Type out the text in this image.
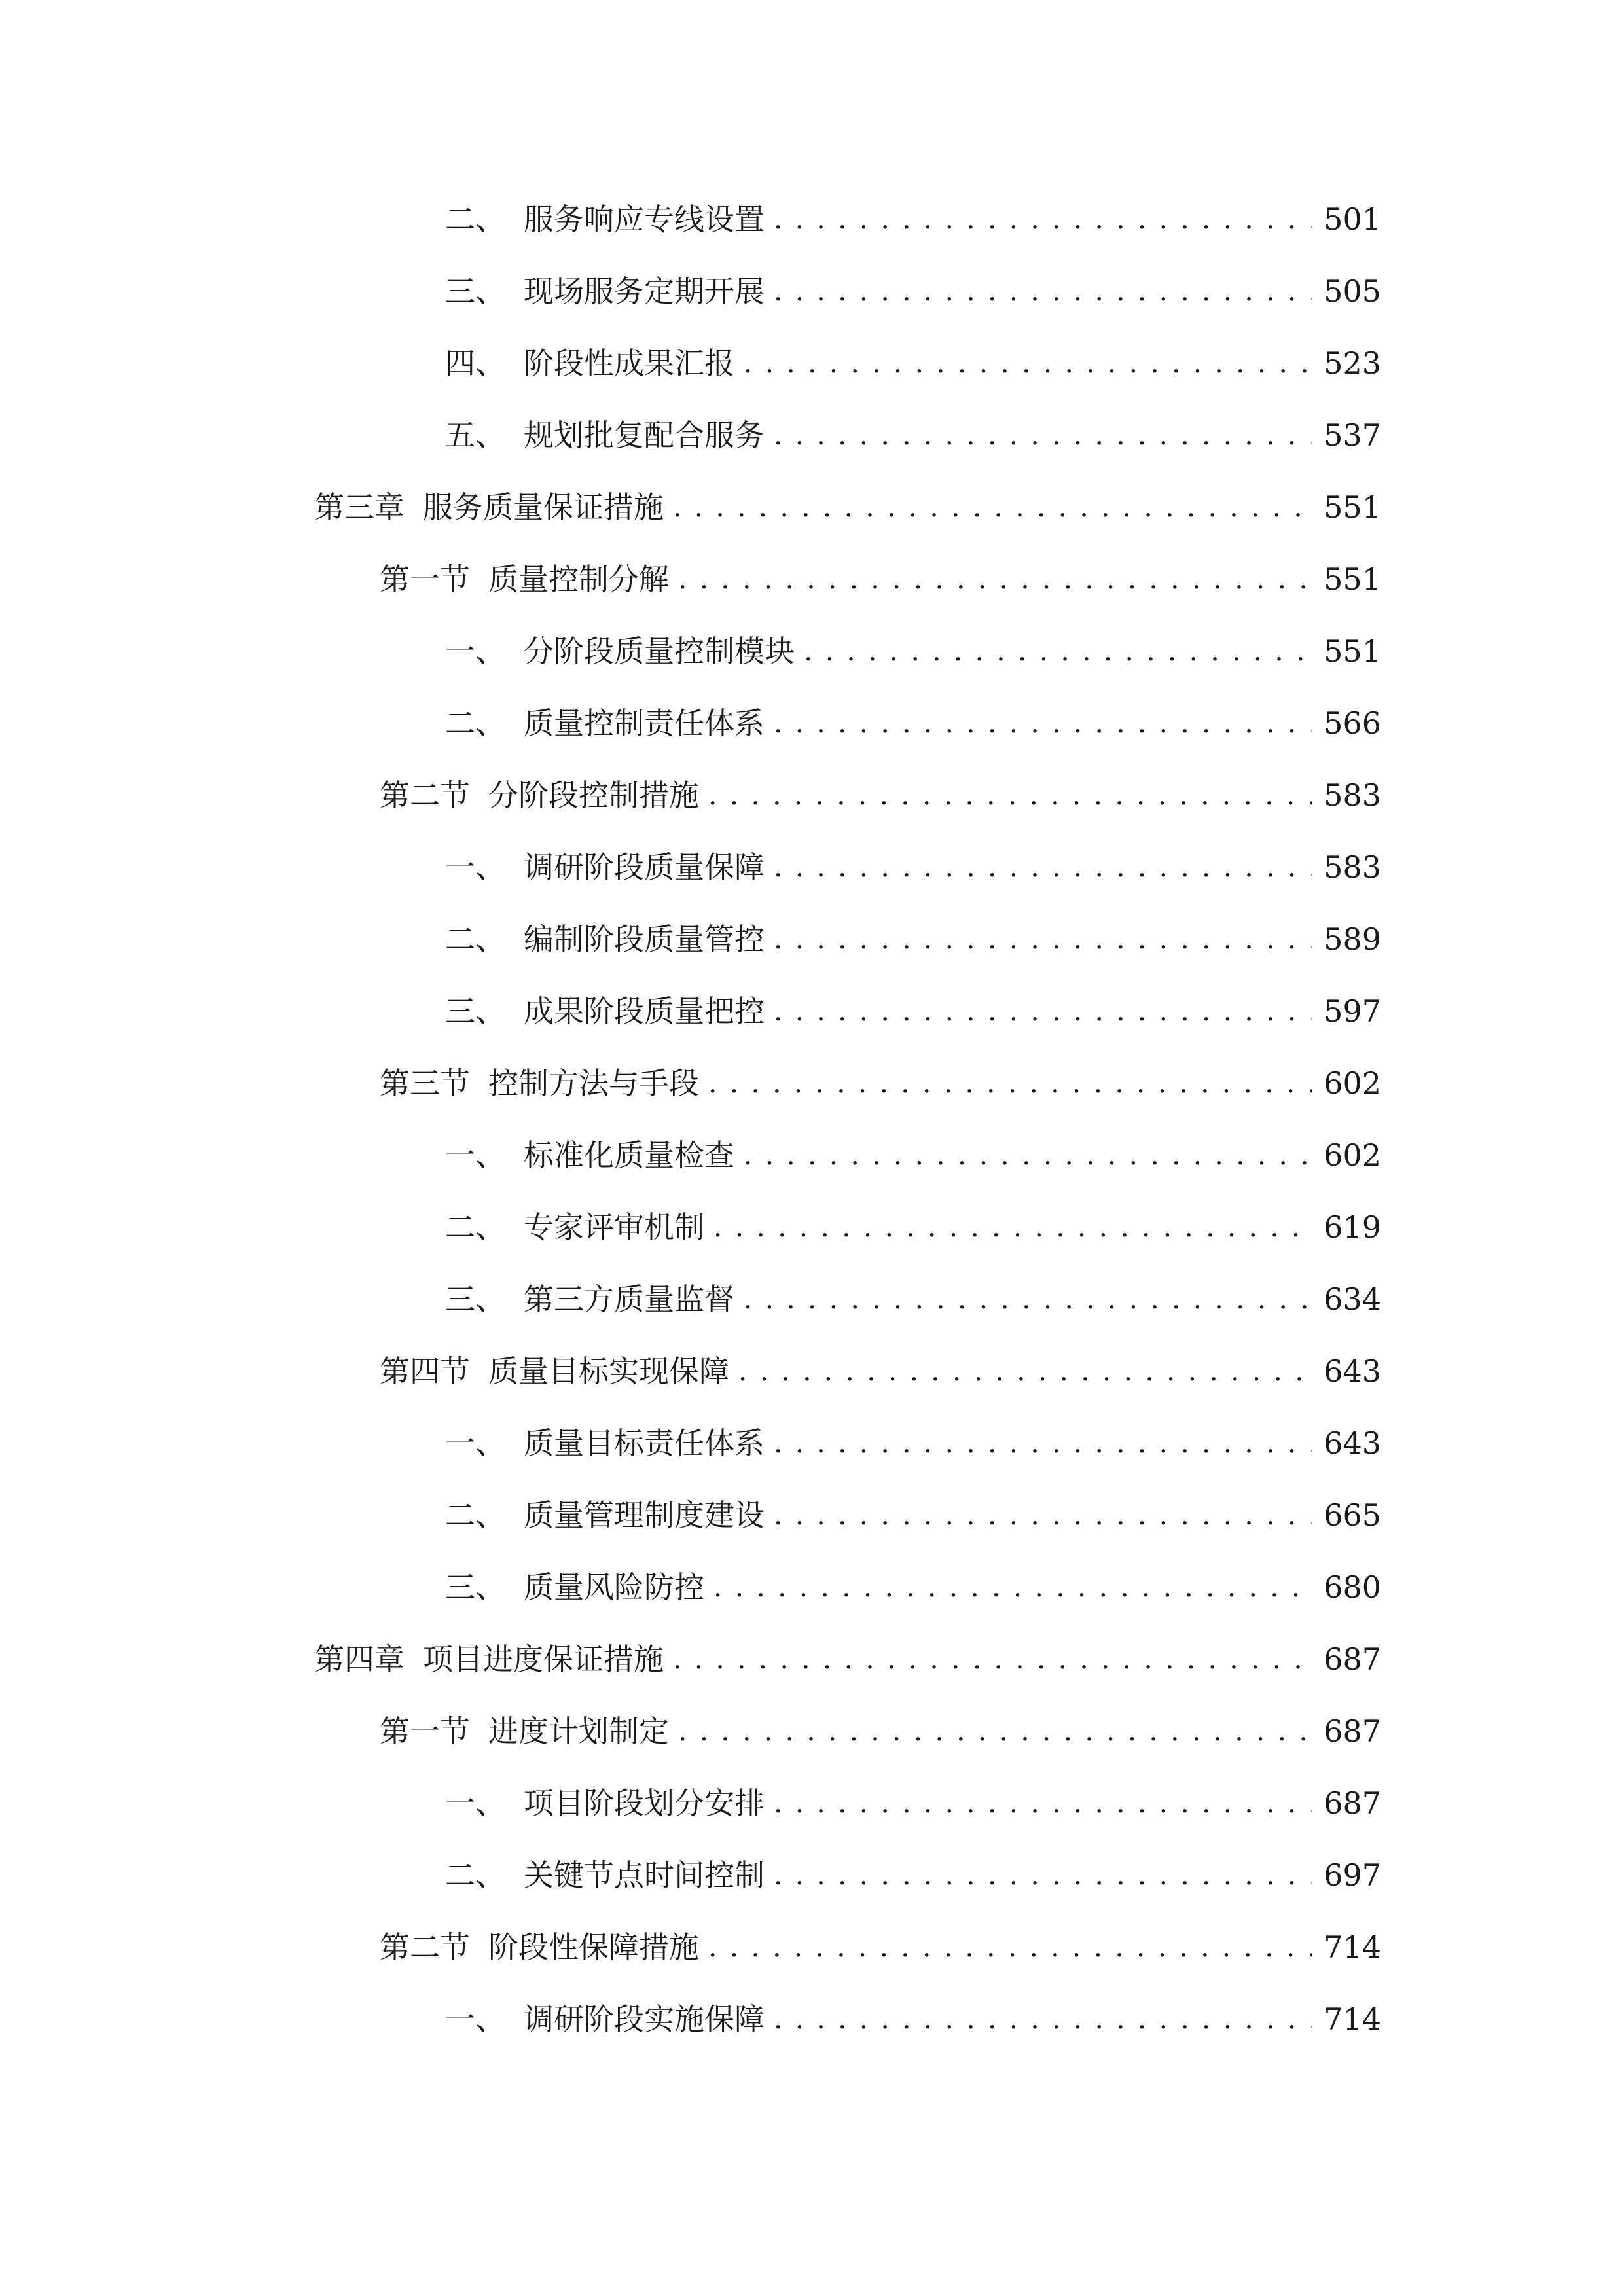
二、 服务响应专线设置 . . .	501
三、 现场服务定期开展 . . .	505
四、 阶段性成果汇报 . . .	523
五、 规划批复配合服务 . . .	537
第三章 服务质量保证措施 . . .	551
第一节 质量控制分解 . . .	551
一、 分阶段质量控制模块 . . .	551
二、 质量控制责任体系 . . .	566
第二节 分阶段控制措施 . . .	583
一、 调研阶段质量保障 . . .	583
二、 编制阶段质量管控 . . .	589
三、 成果阶段质量把控 . . .	597
第三节 控制方法与手段 . . .	602
一、 标准化质量检查 . . .	602
二、 专家评审机制 . . .	619
三、 第三方质量监督 . . .	634
第四节 质量目标实现保障 . . .	643
一、 质量目标责任体系 . . .	643
二、 质量管理制度建设 . . .	665
三、 质量风险防控 . . .	680
第四章 项目进度保证措施 . . .	687
第一节 进度计划制定 . . .	687
一、 项目阶段划分安排 . . .	687
二、 关键节点时间控制 . . .	697
第二节 阶段性保障措施 . . .	714
一、 调研阶段实施保障 . . .	714
